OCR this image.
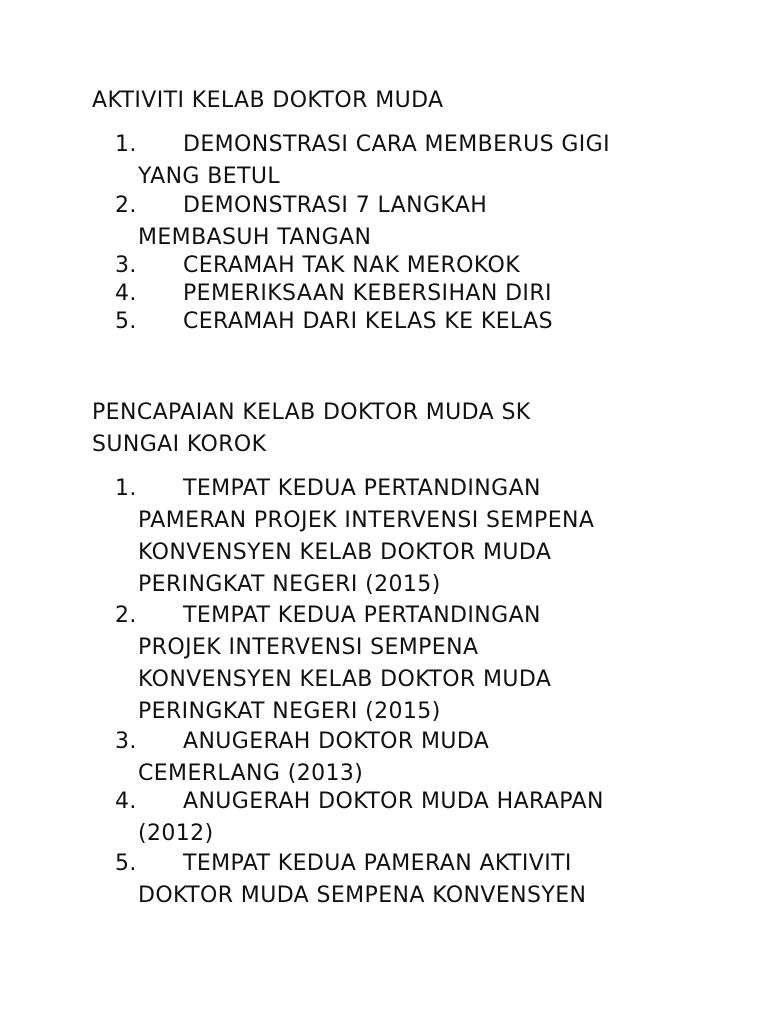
AKTIVITI KELAB DOKTOR MUDA
1. DEMONSTRASI CARA MEMBERUS GIGI
YANG BETUL
2. DEMONSTRASI 7 LANGKAH
MEMBASUH TANGAN
3. CERAMAH TAK NAK MEROKOK
4. PEMERIKSAAN KEBERSIHAN DIRI
5. CERAMAH DARI KELAS KE KELAS
PENCAPAIAN KELAB DOKTOR MUDA SK
SUNGAI KOROK
1. TEMPAT KEDUA PERTANDINGAN
PAMERAN PROJEK INTERVENSI SEMPENA
KONVENSYEN KELAB DOKTOR MUDA
PERINGKAT NEGERI (2015)
2. TEMPAT KEDUA PERTANDINGAN
PROJEK INTERVENSI SEMPENA
KONVENSYEN KELAB DOKTOR MUDA
PERINGKAT NEGERI (2015)
3. ANUGERAH DOKTOR MUDA
CEMERLANG (2013)
4. ANUGERAH DOKTOR MUDA HARAPAN
(2012)
5. TEMPAT KEDUA PAMERAN AKTIVITI
DOKTOR MUDA SEMPENA KONVENSYEN
